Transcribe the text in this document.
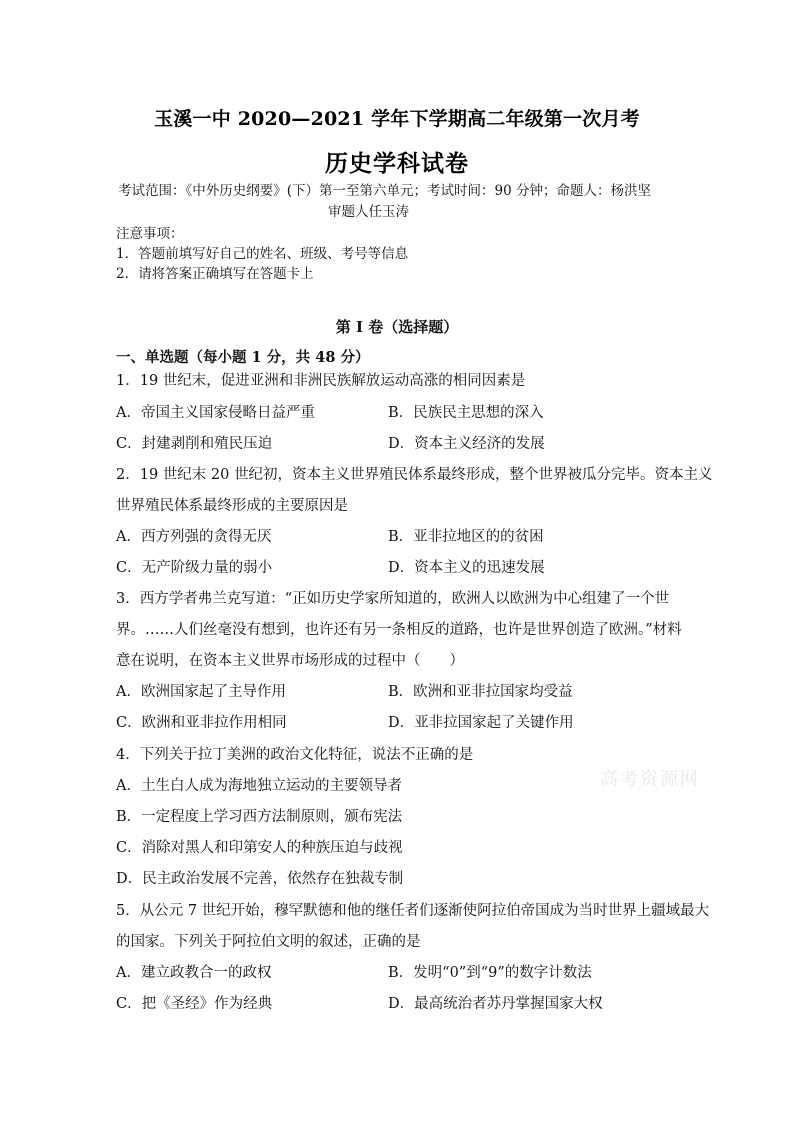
玉溪一中 2020—2021 学年下学期高二年级第一次月考
历史学科试卷
考试范围：《中外历史纲要》(下）第一至第六单元；考试时间：90 分钟；命题人：杨洪坚
审题人任玉涛
注意事项：
1．答题前填写好自己的姓名、班级、考号等信息
2．请将答案正确填写在答题卡上
第 I 卷（选择题）
一、单选题（每小题 1 分，共 48 分）
1．19 世纪末，促进亚洲和非洲民族解放运动高涨的相同因素是
A．帝国主义国家侵略日益严重	B．民族民主思想的深入
C．封建剥削和殖民压迫	D．资本主义经济的发展
2．19 世纪末 20 世纪初，资本主义世界殖民体系最终形成，整个世界被瓜分完毕。资本主义
世界殖民体系最终形成的主要原因是
A．西方列强的贪得无厌	B．亚非拉地区的的贫困
C．无产阶级力量的弱小	D．资本主义的迅速发展
3．西方学者弗兰克写道：“正如历史学家所知道的，欧洲人以欧洲为中心组建了一个世
界。……人们丝毫没有想到，也许还有另一条相反的道路，也许是世界创造了欧洲。”材料
意在说明，在资本主义世界市场形成的过程中（　　）
A．欧洲国家起了主导作用	B．欧洲和亚非拉国家均受益
C．欧洲和亚非拉作用相同	D．亚非拉国家起了关键作用
4．下列关于拉丁美洲的政治文化特征，说法不正确的是
A．土生白人成为海地独立运动的主要领导者
B．一定程度上学习西方法制原则，颁布宪法
C．消除对黑人和印第安人的种族压迫与歧视
D．民主政治发展不完善，依然存在独裁专制
5．从公元 7 世纪开始，穆罕默德和他的继任者们逐渐使阿拉伯帝国成为当时世界上疆域最大
的国家。下列关于阿拉伯文明的叙述，正确的是
A．建立政教合一的政权	B．发明“0”到“9”的数字计数法
C．把《圣经》作为经典	D．最高统治者苏丹掌握国家大权
高考资源网
